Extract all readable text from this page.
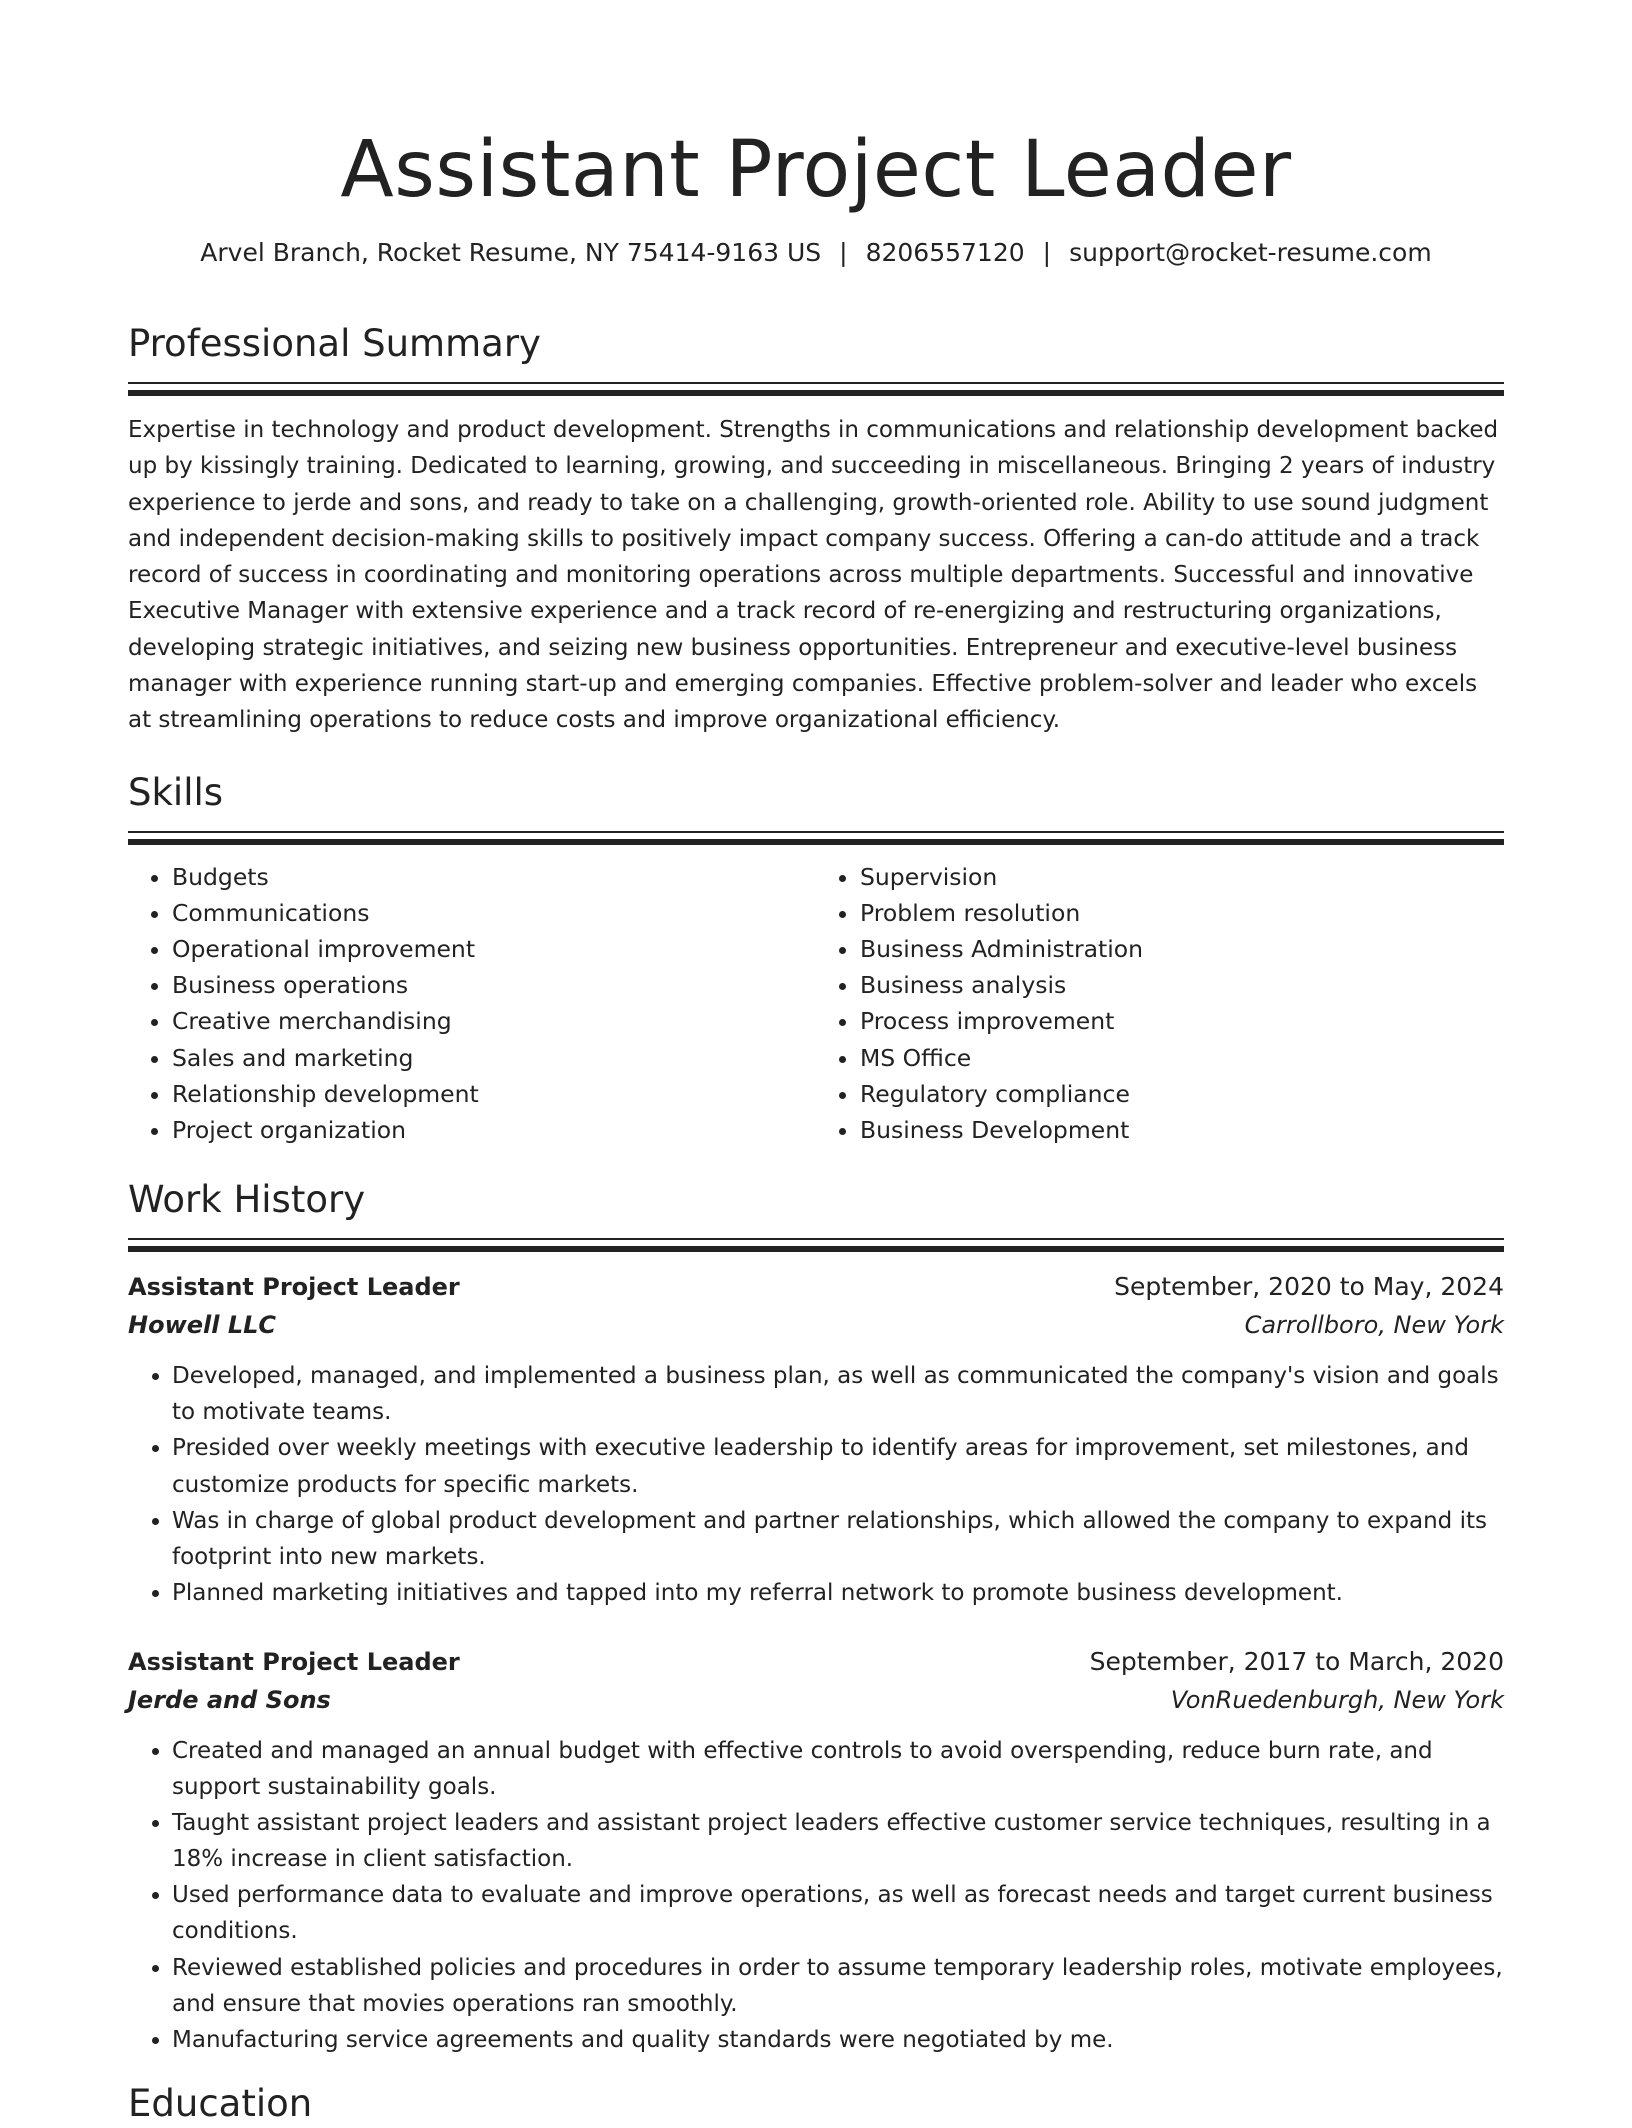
Assistant Project Leader
Arvel Branch, Rocket Resume, NY 75414-9163 US | 8206557120 | support@rocket-resume.com
Professional Summary

Expertise in technology and product development. Strengths in communications and relationship development backed up by kissingly training. Dedicated to learning, growing, and succeeding in miscellaneous. Bringing 2 years of industry experience to jerde and sons, and ready to take on a challenging, growth-oriented role. Ability to use sound judgment and independent decision-making skills to positively impact company success. Offering a can-do attitude and a track record of success in coordinating and monitoring operations across multiple departments. Successful and innovative Executive Manager with extensive experience and a track record of re-energizing and restructuring organizations, developing strategic initiatives, and seizing new business opportunities. Entrepreneur and executive-level business manager with experience running start-up and emerging companies. Effective problem-solver and leader who excels at streamlining operations to reduce costs and improve organizational efficiency.

Skills
• Budgets
• Communications
• Operational improvement
• Business operations
• Creative merchandising
• Sales and marketing
• Relationship development
• Project organization
• Supervision
• Problem resolution
• Business Administration
• Business analysis
• Process improvement
• MS Office
• Regulatory compliance
• Business Development
Work History
Assistant Project Leader	September, 2020 to May, 2024
Howell LLC	Carrollboro, New York
• Developed, managed, and implemented a business plan, as well as communicated the company's vision and goals to motivate teams.
• Presided over weekly meetings with executive leadership to identify areas for improvement, set milestones, and customize products for specific markets.
• Was in charge of global product development and partner relationships, which allowed the company to expand its footprint into new markets.
• Planned marketing initiatives and tapped into my referral network to promote business development.
Assistant Project Leader	September, 2017 to March, 2020
Jerde and Sons	VonRuedenburgh, New York
• Created and managed an annual budget with effective controls to avoid overspending, reduce burn rate, and support sustainability goals.
• Taught assistant project leaders and assistant project leaders effective customer service techniques, resulting in a 18% increase in client satisfaction.
• Used performance data to evaluate and improve operations, as well as forecast needs and target current business conditions.
• Reviewed established policies and procedures in order to assume temporary leadership roles, motivate employees, and ensure that movies operations ran smoothly.
• Manufacturing service agreements and quality standards were negotiated by me.
Education
